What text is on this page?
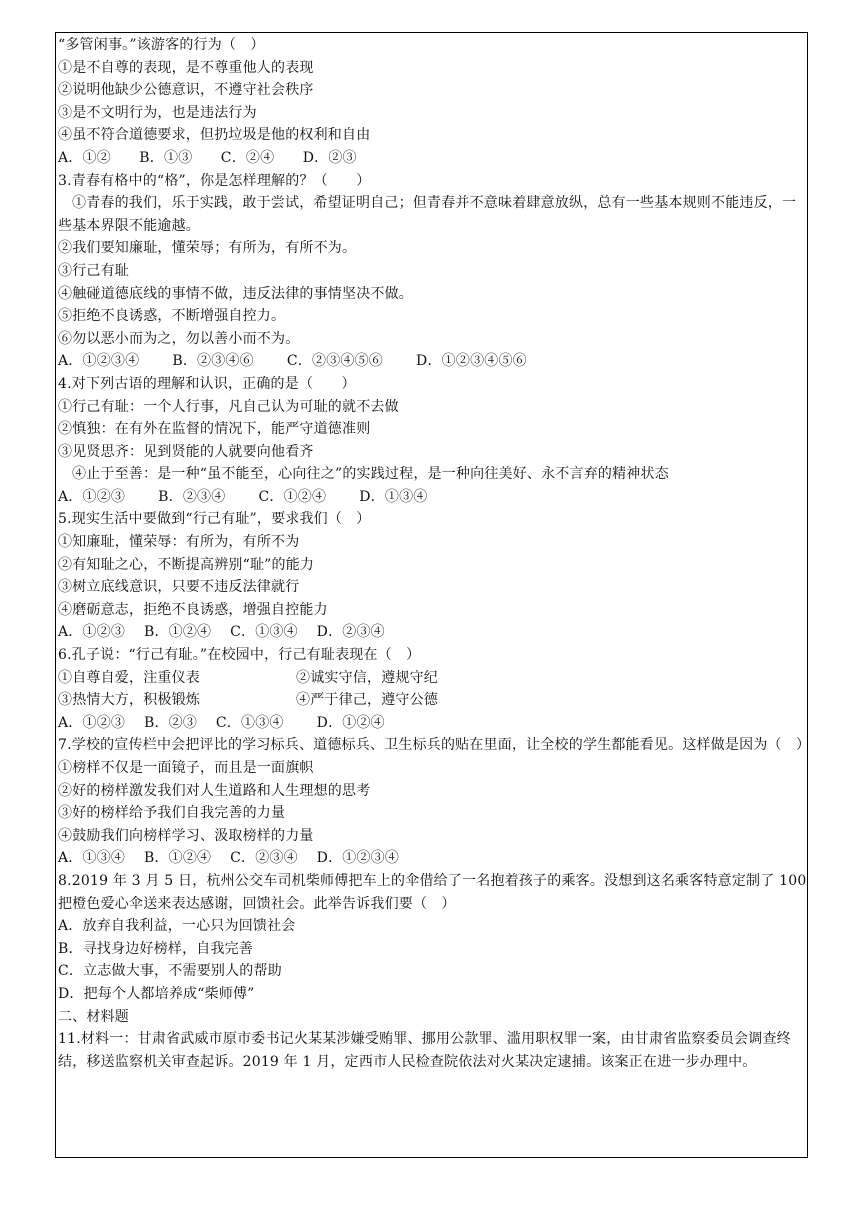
“多管闲事。”该游客的行为（　）
①是不自尊的表现，是不尊重他人的表现
②说明他缺少公德意识，不遵守社会秩序
③是不文明行为，也是违法行为
④虽不符合道德要求，但扔垃圾是他的权利和自由
A．①②　　B．①③　　C．②④　　D．②③
3.青春有格中的“格”，你是怎样理解的？（　　）
①青春的我们，乐于实践，敢于尝试，希望证明自己；但青春并不意味着肆意放纵，总有一些基本规则不能违反，一些基本界限不能逾越。
②我们要知廉耻，懂荣辱；有所为，有所不为。
③行己有耻
④触碰道德底线的事情不做，违反法律的事情坚决不做。
⑤拒绝不良诱惑，不断增强自控力。
⑥勿以恶小而为之，勿以善小而不为。
A．①②③④　　 B．②③④⑥　　 C．②③④⑤⑥　　 D．①②③④⑤⑥
4.对下列古语的理解和认识，正确的是（　　）
①行己有耻：一个人行事，凡自己认为可耻的就不去做
②慎独：在有外在监督的情况下，能严守道德准则
③见贤思齐：见到贤能的人就要向他看齐
④止于至善：是一种“虽不能至，心向往之”的实践过程，是一种向往美好、永不言弃的精神状态
A．①②③　　 B．②③④　　 C．①②④　　 D．①③④
5.现实生活中要做到“行己有耻”，要求我们（　）
①知廉耻，懂荣辱：有所为，有所不为
②有知耻之心，不断提高辨别“耻”的能力
③树立底线意识，只要不违反法律就行
④磨砺意志，拒绝不良诱惑，增强自控能力
A．①②③　 B．①②④　 C．①③④　 D．②③④
6.孔子说：“行己有耻。”在校园中，行己有耻表现在（　）
①自尊自爱，注重仪表	②诚实守信，遵规守纪
③热情大方，积极锻炼	④严于律己，遵守公德
A．①②③　 B．②③　 C．①③④　　 D．①②④
7.学校的宣传栏中会把评比的学习标兵、道德标兵、卫生标兵的贴在里面，让全校的学生都能看见。这样做是因为（　）
①榜样不仅是一面镜子，而且是一面旗帜
②好的榜样激发我们对人生道路和人生理想的思考
③好的榜样给予我们自我完善的力量
④鼓励我们向榜样学习、汲取榜样的力量
A．①③④　 B．①②④　 C．②③④　 D．①②③④
8.2019 年 3 月 5 日，杭州公交车司机柴师傅把车上的伞借给了一名抱着孩子的乘客。没想到这名乘客特意定制了 100 把橙色爱心伞送来表达感谢，回馈社会。此举告诉我们要（　）
A．放弃自我利益，一心只为回馈社会
B．寻找身边好榜样，自我完善
C．立志做大事，不需要别人的帮助
D．把每个人都培养成“柴师傅”
二、材料题
11.材料一：甘肃省武威市原市委书记火某某涉嫌受贿罪、挪用公款罪、滥用职权罪一案，由甘肃省监察委员会调查终结，移送监察机关审查起诉。2019 年 1 月，定西市人民检查院依法对火某决定逮捕。该案正在进一步办理中。
